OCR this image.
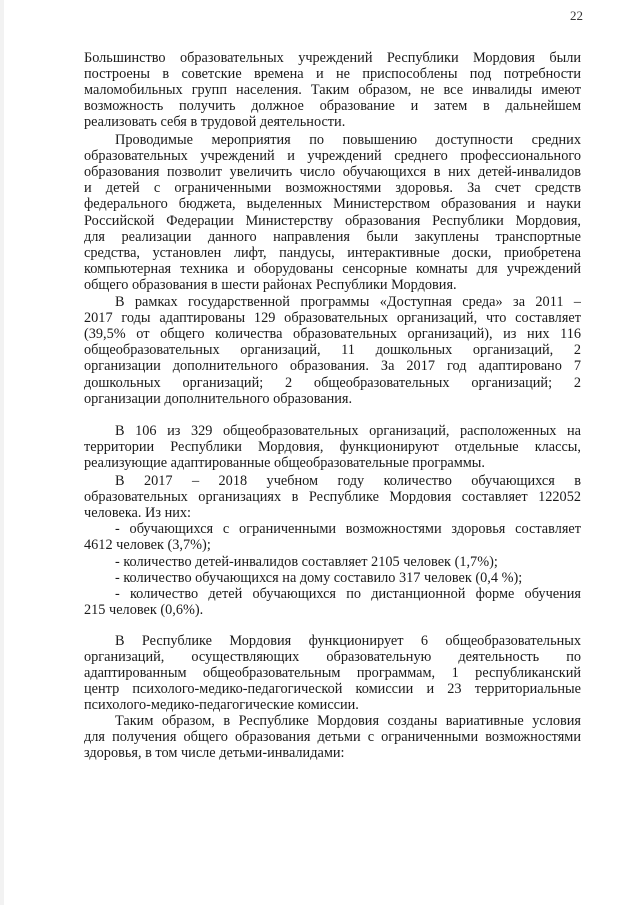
22
Большинство образовательных учреждений Республики Мордовия были
построены в советские времена и не приспособлены под потребности
маломобильных групп населения. Таким образом, не все инвалиды имеют
возможность получить должное образование и затем в дальнейшем
реализовать себя в трудовой деятельности.
Проводимые мероприятия по повышению доступности средних
образовательных учреждений и учреждений среднего профессионального
образования позволит увеличить число обучающихся в них детей-инвалидов
и детей с ограниченными возможностями здоровья. За счет средств
федерального бюджета, выделенных Министерством образования и науки
Российской Федерации Министерству образования Республики Мордовия,
для реализации данного направления были закуплены транспортные
средства, установлен лифт, пандусы, интерактивные доски, приобретена
компьютерная техника и оборудованы сенсорные комнаты для учреждений
общего образования в шести районах Республики Мордовия.
В рамках государственной программы «Доступная среда» за 2011 –
2017 годы адаптированы 129 образовательных организаций, что составляет
(39,5% от общего количества образовательных организаций), из них 116
общеобразовательных организаций, 11 дошкольных организаций, 2
организации дополнительного образования. За 2017 год адаптировано 7
дошкольных организаций; 2 общеобразовательных организаций; 2
организации дополнительного образования.
В 106 из 329 общеобразовательных организаций, расположенных на
территории Республики Мордовия, функционируют отдельные классы,
реализующие адаптированные общеобразовательные программы.
В 2017 – 2018 учебном году количество обучающихся в
образовательных организациях в Республике Мордовия составляет 122052
человека. Из них:
- обучающихся с ограниченными возможностями здоровья составляет
4612 человек (3,7%);
- количество детей-инвалидов составляет 2105 человек (1,7%);
- количество обучающихся на дому составило 317 человек (0,4 %);
- количество детей обучающихся по дистанционной форме обучения
215 человек (0,6%).
В Республике Мордовия функционирует 6 общеобразовательных
организаций, осуществляющих образовательную деятельность по
адаптированным общеобразовательным программам, 1 республиканский
центр психолого-медико-педагогической комиссии и 23 территориальные
психолого-медико-педагогические комиссии.
Таким образом, в Республике Мордовия созданы вариативные условия
для получения общего образования детьми с ограниченными возможностями
здоровья, в том числе детьми-инвалидами:
